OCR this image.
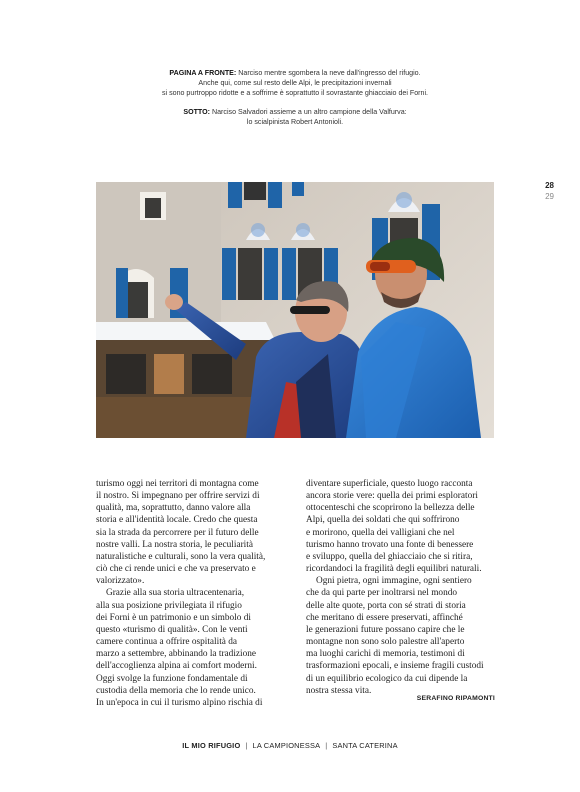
PAGINA A FRONTE: Narciso mentre sgombera la neve dall'ingresso del rifugio.
Anche qui, come sul resto delle Alpi, le precipitazioni invernali
si sono purtroppo ridotte e a soffrirne è soprattutto il sovrastante ghiacciaio dei Forni.

SOTTO: Narciso Salvadori assieme a un altro campione della Valfurva:
lo scialpinista Robert Antonioli.

28
29

turismo oggi nei territori di montagna come
il nostro. Si impegnano per offrire servizi di
qualità, ma, soprattutto, danno valore alla
storia e all'identità locale. Credo che questa
sia la strada da percorrere per il futuro delle
nostre valli. La nostra storia, le peculiarità
naturalistiche e culturali, sono la vera qualità,
ciò che ci rende unici e che va preservato e
valorizzato».

Grazie alla sua storia ultracentenaria,
alla sua posizione privilegiata il rifugio
dei Forni è un patrimonio e un simbolo di
questo «turismo di qualità». Con le venti
camere continua a offrire ospitalità da
marzo a settembre, abbinando la tradizione
dell'accoglienza alpina ai comfort moderni.
Oggi svolge la funzione fondamentale di
custodia della memoria che lo rende unico.
In un'epoca in cui il turismo alpino rischia di

diventare superficiale, questo luogo racconta
ancora storie vere: quella dei primi esploratori
ottocenteschi che scoprirono la bellezza delle
Alpi, quella dei soldati che qui soffrirono
e morirono, quella dei valligiani che nel
turismo hanno trovato una fonte di benessere
e sviluppo, quella del ghiacciaio che si ritira,
ricordandoci la fragilità degli equilibri naturali.

Ogni pietra, ogni immagine, ogni sentiero
che da qui parte per inoltrarsi nel mondo
delle alte quote, porta con sé strati di storia
che meritano di essere preservati, affinché
le generazioni future possano capire che le
montagne non sono solo palestre all'aperto
ma luoghi carichi di memoria, testimoni di
trasformazioni epocali, e insieme fragili custodi
di un equilibrio ecologico da cui dipende la
nostra stessa vita.

SERAFINO RIPAMONTI
IL MIO RIFUGIO | LA CAMPIONESSA | SANTA CATERINA
